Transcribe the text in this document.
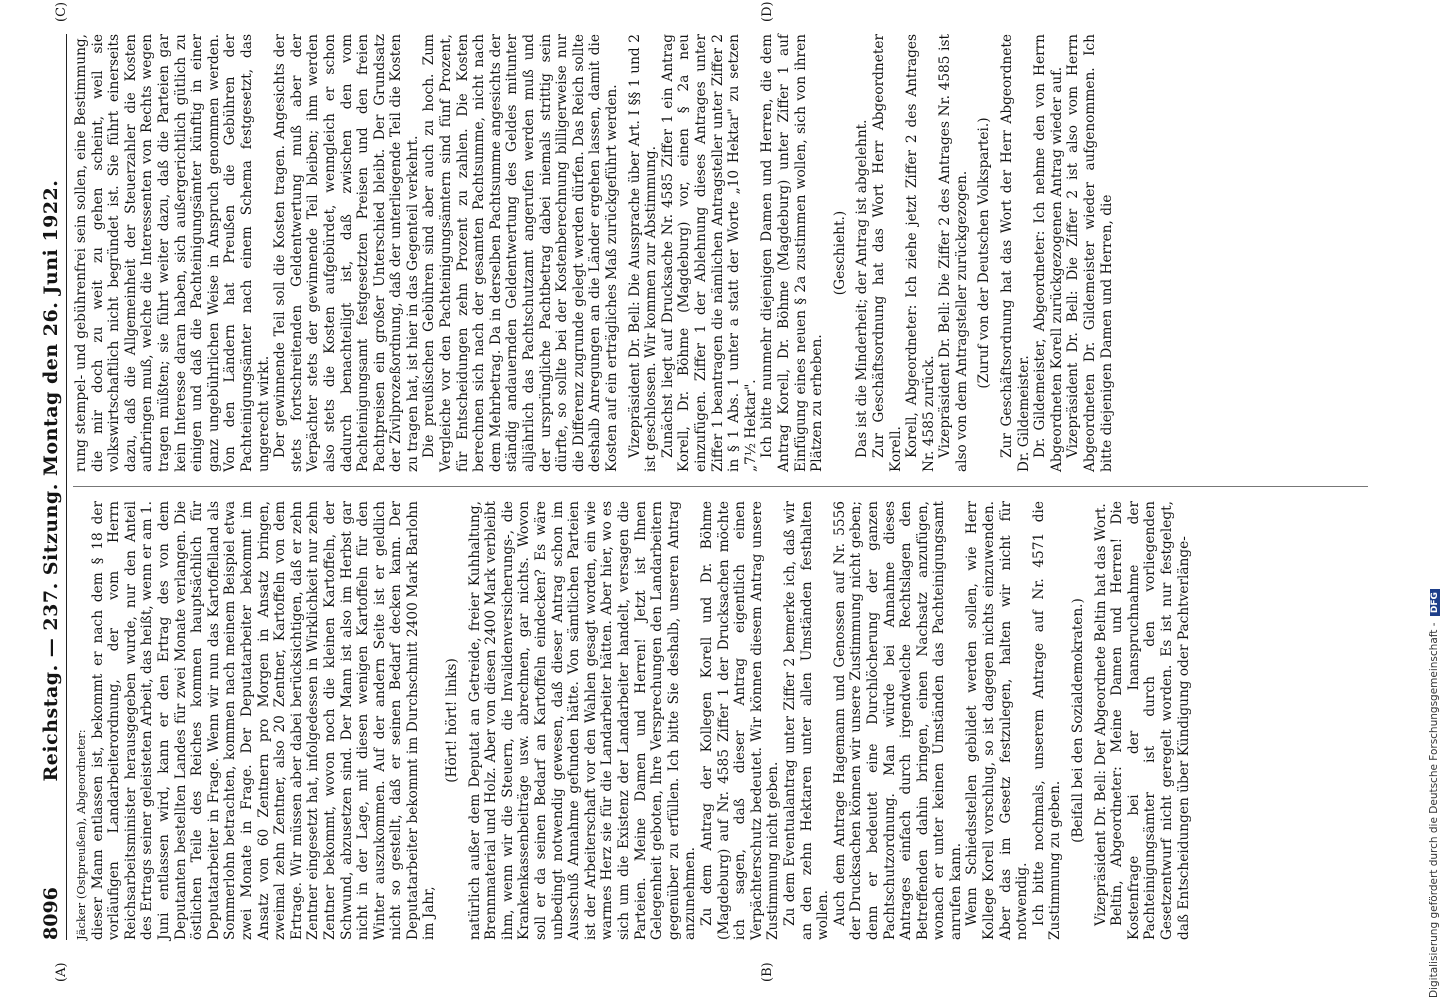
8096
Reichstag. — 237. Sitzung. Montag den 26. Juni 1922.

Jäcker (Ostpreußen), Abgeordneter: dieser Mann entlassen ist, bekommt er nach dem § 18 der vorläufigen Landarbeiterordnung, der vom Herrn Reichsarbeitsminister herausgegeben wurde, nur den Anteil des Ertrags seiner geleisteten Arbeit, das heißt, wenn er am 1. Juni entlassen wird, kann er den Ertrag des von dem Deputanten bestellten Landes für zwei Monate verlangen. Die östlichen Teile des Reiches kommen hauptsächlich für Deputatarbeiter in Frage. Wenn wir nun das Kartoffelland als Sommerlohn betrachten, kommen nach meinem Beispiel etwa zwei Monate in Frage. Der Deputatarbeiter bekommt im Ansatz von 60 Zentnern pro Morgen in Ansatz bringen, zweimal zehn Zentner, also 20 Zentner, Kartoffeln von dem Ertrage. Wir müssen aber dabei berücksichtigen, daß er zehn Zentner eingesetzt hat, infolgedessen in Wirklichkeit nur zehn Zentner bekommt, wovon noch die kleinen Kartoffeln, der Schwund, abzusetzen sind. Der Mann ist also im Herbst gar nicht in der Lage, mit diesen wenigen Kartoffeln für den Winter auszukommen. Auf der andern Seite ist er geldlich nicht so gestellt, daß er seinen Bedarf decken kann. Der Deputatarbeiter bekommt im Durchschnitt 2400 Mark Barlohn im Jahr,

(Hört! hört! links) natürlich außer dem Deputat an Getreide, freier Kuhhaltung, Brennmaterial und Holz. Aber von diesen 2400 Mark verbleibt ihm, wenn wir die Steuern, die Invalidenversicherungs-, die Krankenkassenbeiträge usw. abrechnen, gar nichts. Wovon soll er da seinen Bedarf an Kartoffeln eindecken? Es wäre unbedingt notwendig gewesen, daß dieser Antrag schon im Ausschuß Annahme gefunden hätte. Von sämtlichen Parteien ist der Arbeiterschaft vor den Wahlen gesagt worden, ein wie warmes Herz sie für die Landarbeiter hätten. Aber hier, wo es sich um die Existenz der Landarbeiter handelt, versagen die Parteien. Meine Damen und Herren! Jetzt ist Ihnen Gelegenheit geboten, Ihre Versprechungen den Landarbeitern gegenüber zu erfüllen. Ich bitte Sie deshalb, unseren Antrag anzunehmen. Zu dem Antrag der Kollegen Korell und Dr. Böhme (Magdeburg) auf Nr. 4585 Ziffer 1 der Drucksachen möchte ich sagen, daß dieser Antrag eigentlich einen Verpächterschutz bedeutet. Wir können diesem Antrag unsere Zustimmung nicht geben. Zu dem Eventualantrag unter Ziffer 2 bemerke ich, daß wir an den zehn Hektaren unter allen Umständen festhalten wollen. Auch dem Antrage Hagemann und Genossen auf Nr. 5556 der Drucksachen können wir unsere Zustimmung nicht geben; denn er bedeutet eine Durchlöcherung der ganzen Pachtschutzordnung. Man würde bei Annahme dieses Antrages einfach durch irgendwelche Rechtslagen den Betreffenden dahin bringen, einen Nachsatz anzufügen, wonach er unter keinen Umständen das Pachteinigungsamt anrufen kann. Wenn Schiedsstellen gebildet werden sollen, wie Herr Kollege Korell vorschlug, so ist dagegen nichts einzuwenden. Aber das im Gesetz festzulegen, halten wir nicht für notwendig. Ich bitte nochmals, unserem Antrage auf Nr. 4571 die Zustimmung zu geben.

(Beifall bei den Sozialdemokraten.) Vizepräsident Dr. Bell: Der Abgeordnete Beltin hat das Wort. Beltin, Abgeordneter: Meine Damen und Herren! Die Kostenfrage bei der Inanspruchnahme der Pachteinigungsämter ist durch den vorliegenden Gesetzentwurf nicht geregelt worden. Es ist nur festgelegt, daß Entscheidungen über Kündigung oder Pachtverlänge-

rung stempel- und gebührenfrei sein sollen, eine Bestimmung, die mir doch zu weit zu gehen scheint, weil sie volkswirtschaftlich nicht begründet ist. Sie führt einerseits dazu, daß die Allgemeinheit der Steuerzahler die Kosten aufbringen muß, welche die Interessenten von Rechts wegen tragen müßten; sie führt weiter dazu, daß die Parteien gar kein Interesse daran haben, sich außergerichtlich gütlich zu einigen und daß die Pachteinigungsämter künftig in einer ganz ungebührlichen Weise in Anspruch genommen werden. Von den Ländern hat Preußen die Gebühren der Pachteinigungsämter nach einem Schema festgesetzt, das ungerecht wirkt. Der gewinnende Teil soll die Kosten tragen. Angesichts der stets fortschreitenden Geldentwertung muß aber der Verpächter stets der gewinnende Teil bleiben; ihm werden also stets die Kosten aufgebürdet, wenngleich er schon dadurch benachteiligt ist, daß zwischen den vom Pachteinigungsamt festgesetzten Preisen und den freien Pachtpreisen ein großer Unterschied bleibt. Der Grundsatz der Zivilprozeßordnung, daß der unterliegende Teil die Kosten zu tragen hat, ist hier in das Gegenteil verkehrt. Die preußischen Gebühren sind aber auch zu hoch. Zum Vergleiche vor den Pachteinigungsämtern sind fünf Prozent, für Entscheidungen zehn Prozent zu zahlen. Die Kosten berechnen sich nach der gesamten Pachtsumme, nicht nach dem Mehrbetrag. Da in derselben Pachtsumme angesichts der ständig andauernden Geldentwertung des Geldes mitunter alljährlich das Pachtschutzamt angerufen werden muß und der ursprüngliche Pachtbetrag dabei niemals strittig sein dürfte, so sollte bei der Kostenberechnung billigerweise nur die Differenz zugrunde gelegt werden dürfen. Das Reich sollte deshalb Anregungen an die Länder ergehen lassen, damit die Kosten auf ein erträgliches Maß zurückgeführt werden. Vizepräsident Dr. Bell: Die Aussprache über Art. I §§ 1 und 2 ist geschlossen. Wir kommen zur Abstimmung. Zunächst liegt auf Drucksache Nr. 4585 Ziffer 1 ein Antrag Korell, Dr. Böhme (Magdeburg) vor, einen § 2a neu einzufügen. Ziffer 1 der Ablehnung dieses Antrages unter Ziffer 1 beantragen die nämlichen Antragsteller unter Ziffer 2 in § 1 Abs. 1 unter a statt der Worte „10 Hektar" zu setzen „7½ Hektar". Ich bitte nunmehr diejenigen Damen und Herren, die dem Antrag Korell, Dr. Böhme (Magdeburg) unter Ziffer 1 auf Einfügung eines neuen § 2a zustimmen wollen, sich von ihren Plätzen zu erheben.

(Geschieht.) Das ist die Minderheit; der Antrag ist abgelehnt. Zur Geschäftsordnung hat das Wort Herr Abgeordneter Korell. Korell, Abgeordneter: Ich ziehe jetzt Ziffer 2 des Antrages Nr. 4585 zurück. Vizepräsident Dr. Bell: Die Ziffer 2 des Antrages Nr. 4585 ist also von dem Antragsteller zurückgezogen. (Zuruf von der Deutschen Volkspartei.) Zur Geschäftsordnung hat das Wort der Herr Abgeordnete Dr. Gildemeister. Dr. Gildemeister, Abgeordneter: Ich nehme den von Herrn Abgeordneten Korell zurückgezogenen Antrag wieder auf. Vizepräsident Dr. Bell: Die Ziffer 2 ist also vom Herrn Abgeordneten Dr. Gildemeister wieder aufgenommen. Ich bitte diejenigen Damen und Herren, die

(A)	(B)
(C)	(D)
Digitalisierung gefördert durch die Deutsche Forschungsgemeinschaft - DFG
